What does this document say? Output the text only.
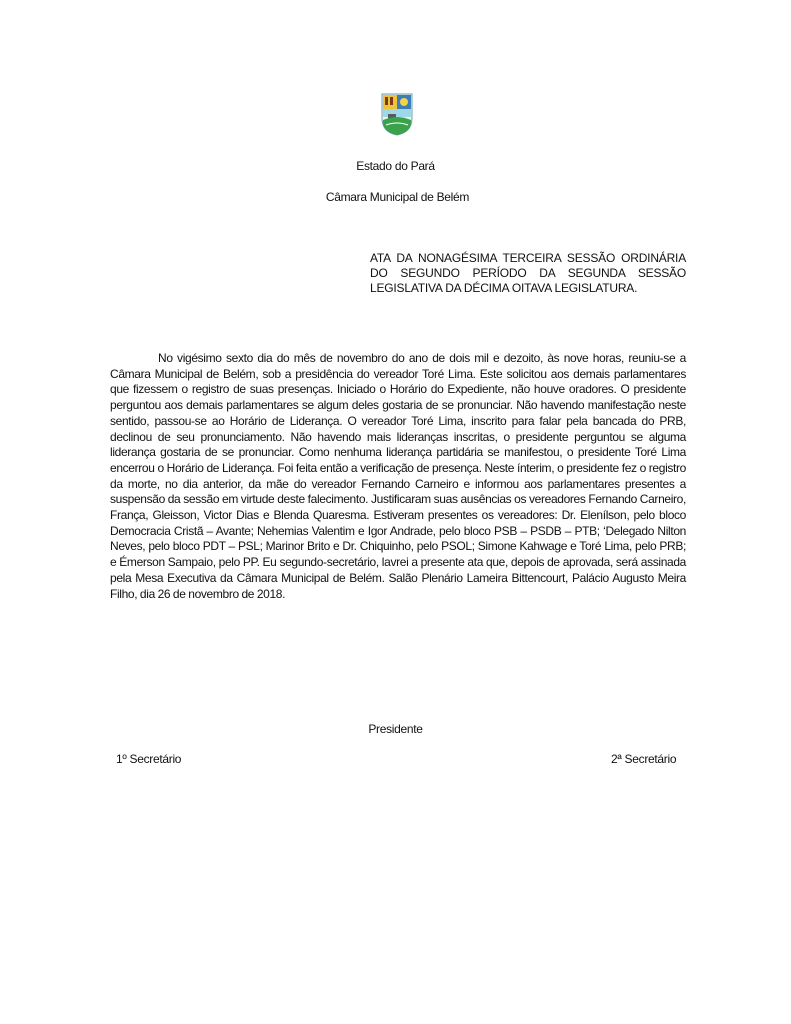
Estado do Pará
Câmara Municipal de Belém
ATA DA NONAGÉSIMA TERCEIRA SESSÃO ORDINÁRIA DO SEGUNDO PERÍODO DA SEGUNDA SESSÃO LEGISLATIVA DA DÉCIMA OITAVA LEGISLATURA.
No vigésimo sexto dia do mês de novembro do ano de dois mil e dezoito, às nove horas, reuniu-se a Câmara Municipal de Belém, sob a presidência do vereador Toré Lima. Este solicitou aos demais parlamentares que fizessem o registro de suas presenças. Iniciado o Horário do Expediente, não houve oradores. O presidente perguntou aos demais parlamentares se algum deles gostaria de se pronunciar. Não havendo manifestação neste sentido, passou-se ao Horário de Liderança. O vereador Toré Lima, inscrito para falar pela bancada do PRB, declinou de seu pronunciamento. Não havendo mais lideranças inscritas, o presidente perguntou se alguma liderança gostaria de se pronunciar. Como nenhuma liderança partidária se manifestou, o presidente Toré Lima encerrou o Horário de Liderança. Foi feita então a verificação de presença. Neste ínterim, o presidente fez o registro da morte, no dia anterior, da mãe do vereador Fernando Carneiro e informou aos parlamentares presentes a suspensão da sessão em virtude deste falecimento. Justificaram suas ausências os vereadores Fernando Carneiro, França, Gleisson, Victor Dias e Blenda Quaresma. Estiveram presentes os vereadores: Dr. Elenílson, pelo bloco Democracia Cristã – Avante; Nehemias Valentim e Igor Andrade, pelo bloco PSB – PSDB – PTB; ‘Delegado Nilton Neves, pelo bloco PDT – PSL; Marinor Brito e Dr. Chiquinho, pelo PSOL; Simone Kahwage e Toré Lima, pelo PRB; e Émerson Sampaio, pelo PP. Eu segundo-secretário, lavrei a presente ata que, depois de aprovada, será assinada pela Mesa Executiva da Câmara Municipal de Belém. Salão Plenário Lameira Bittencourt, Palácio Augusto Meira Filho, dia 26 de novembro de 2018.
Presidente
1º Secretário	2ª Secretário
